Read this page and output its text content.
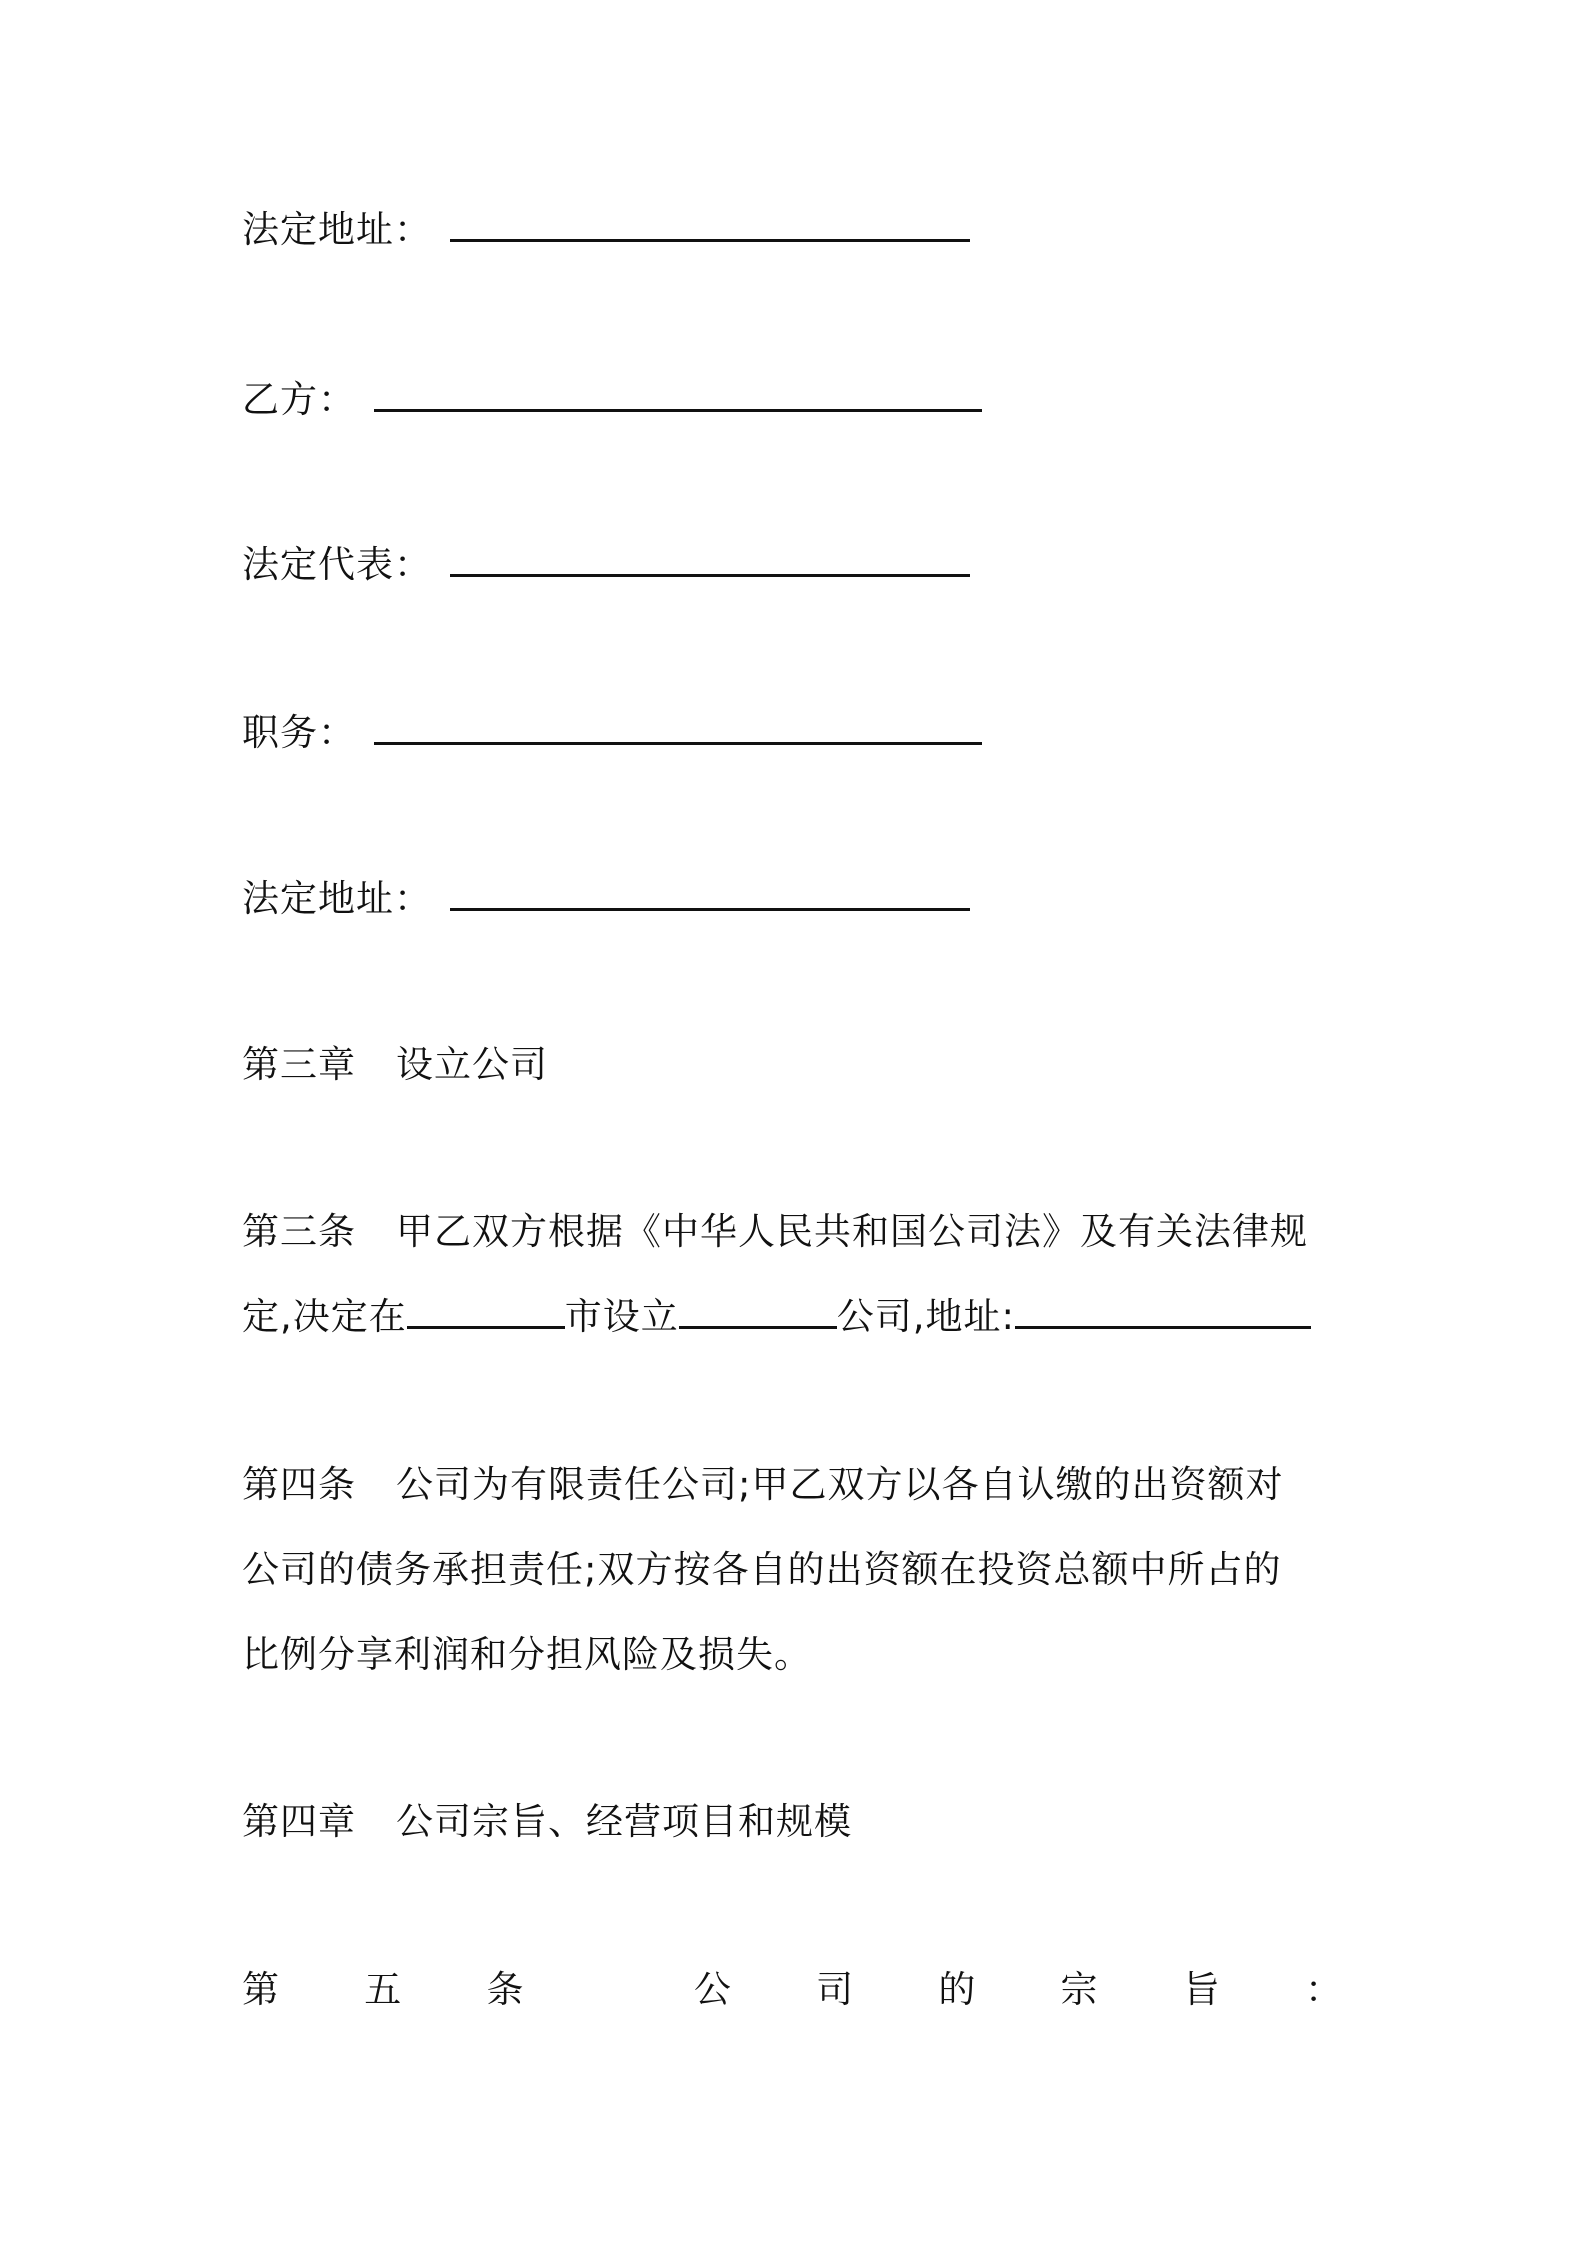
法定地址：
乙方：
法定代表：
职务：
法定地址：
第三章 设立公司
第三条 甲乙双方根据《中华人民共和国公司法》及有关法律规
定,决定在	市设立	公司,地址:
第四条 公司为有限责任公司;甲乙双方以各自认缴的出资额对
公司的债务承担责任;双方按各自的出资额在投资总额中所占的
比例分享利润和分担风险及损失。
第四章 公司宗旨、经营项目和规模
第 五 条	公 司 的 宗 旨 ：
